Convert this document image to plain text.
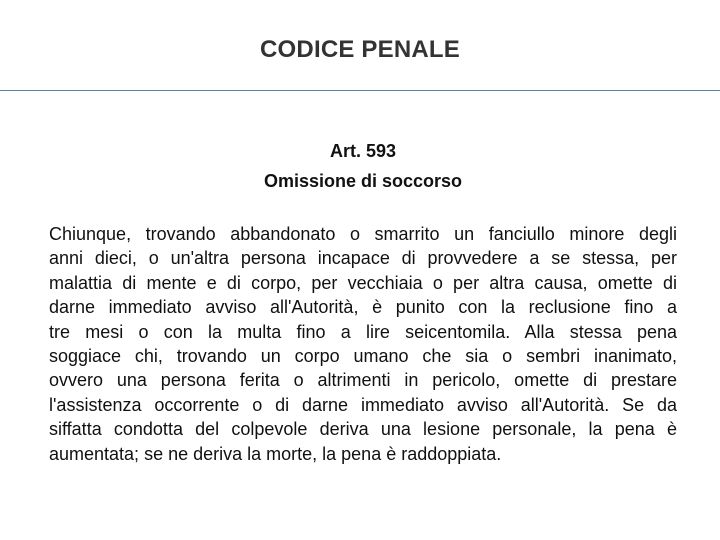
CODICE PENALE
Art. 593
Omissione di soccorso
Chiunque, trovando abbandonato o smarrito un fanciullo minore degli
anni dieci, o un'altra persona incapace di provvedere a se stessa, per
malattia di mente e di corpo, per vecchiaia o per altra causa, omette di
darne immediato avviso all'Autorità, è punito con la reclusione fino a
tre mesi o con la multa fino a lire seicentomila. Alla stessa pena
soggiace chi, trovando un corpo umano che sia o sembri inanimato,
ovvero una persona ferita o altrimenti in pericolo, omette di prestare
l'assistenza occorrente o di darne immediato avviso all'Autorità. Se da
siffatta condotta del colpevole deriva una lesione personale, la pena è
aumentata; se ne deriva la morte, la pena è raddoppiata.
